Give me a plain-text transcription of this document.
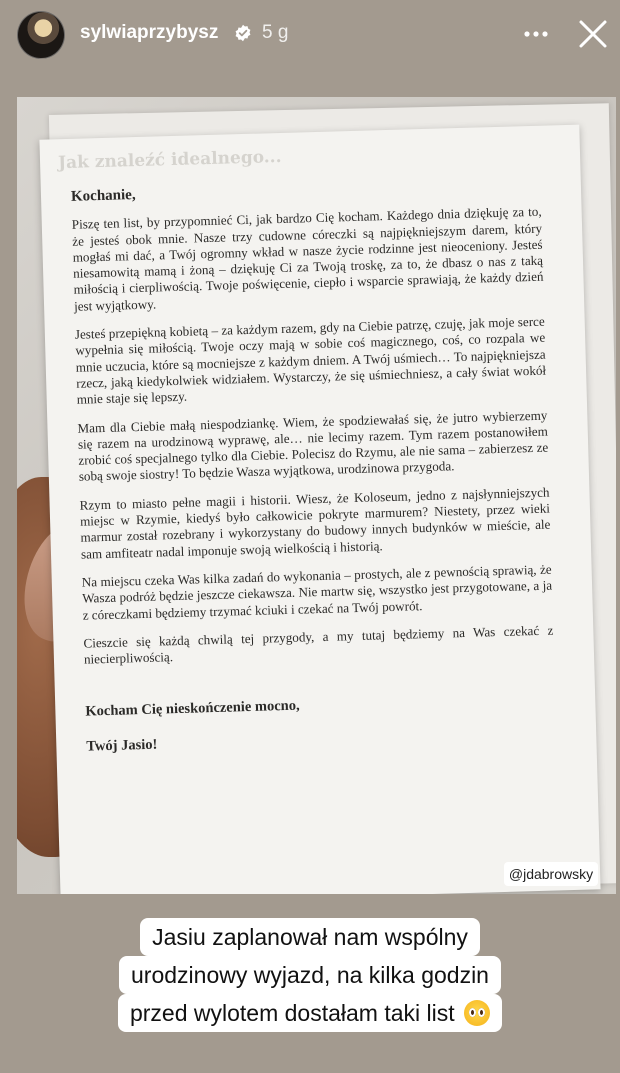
sylwiaprzybysz 5 g
Jak znaleźć idealnego...

Kochanie,

Piszę ten list, by przypomnieć Ci, jak bardzo Cię kocham. Każdego dnia dziękuję za to, że jesteś obok mnie. Nasze trzy cudowne córeczki są najpiękniejszym darem, który mogłaś mi dać, a Twój ogromny wkład w nasze życie rodzinne jest nieoceniony. Jesteś niesamowitą mamą i żoną – dziękuję Ci za Twoją troskę, za to, że dbasz o nas z taką miłością i cierpliwością. Twoje poświęcenie, ciepło i wsparcie sprawiają, że każdy dzień jest wyjątkowy.

Jesteś przepiękną kobietą – za każdym razem, gdy na Ciebie patrzę, czuję, jak moje serce wypełnia się miłością. Twoje oczy mają w sobie coś magicznego, coś, co rozpala we mnie uczucia, które są mocniejsze z każdym dniem. A Twój uśmiech… To najpiękniejsza rzecz, jaką kiedykolwiek widziałem. Wystarczy, że się uśmiechniesz, a cały świat wokół mnie staje się lepszy.

Mam dla Ciebie małą niespodziankę. Wiem, że spodziewałaś się, że jutro wybierzemy się razem na urodzinową wyprawę, ale… nie lecimy razem. Tym razem postanowiłem zrobić coś specjalnego tylko dla Ciebie. Polecisz do Rzymu, ale nie sama – zabierzesz ze sobą swoje siostry! To będzie Wasza wyjątkowa, urodzinowa przygoda.

Rzym to miasto pełne magii i historii. Wiesz, że Koloseum, jedno z najsłynniejszych miejsc w Rzymie, kiedyś było całkowicie pokryte marmurem? Niestety, przez wieki marmur został rozebrany i wykorzystany do budowy innych budynków w mieście, ale sam amfiteatr nadal imponuje swoją wielkością i historią.

Na miejscu czeka Was kilka zadań do wykonania – prostych, ale z pewnością sprawią, że Wasza podróż będzie jeszcze ciekawsza. Nie martw się, wszystko jest przygotowane, a ja z córeczkami będziemy trzymać kciuki i czekać na Twój powrót.

Cieszcie się każdą chwilą tej przygody, a my tutaj będziemy na Was czekać z niecierpliwością.

Kocham Cię nieskończenie mocno,
Twój Jasio!
@jdabrowsky
Jasiu zaplanował nam wspólny
urodzinowy wyjazd, na kilka godzin
przed wylotem dostałam taki list
